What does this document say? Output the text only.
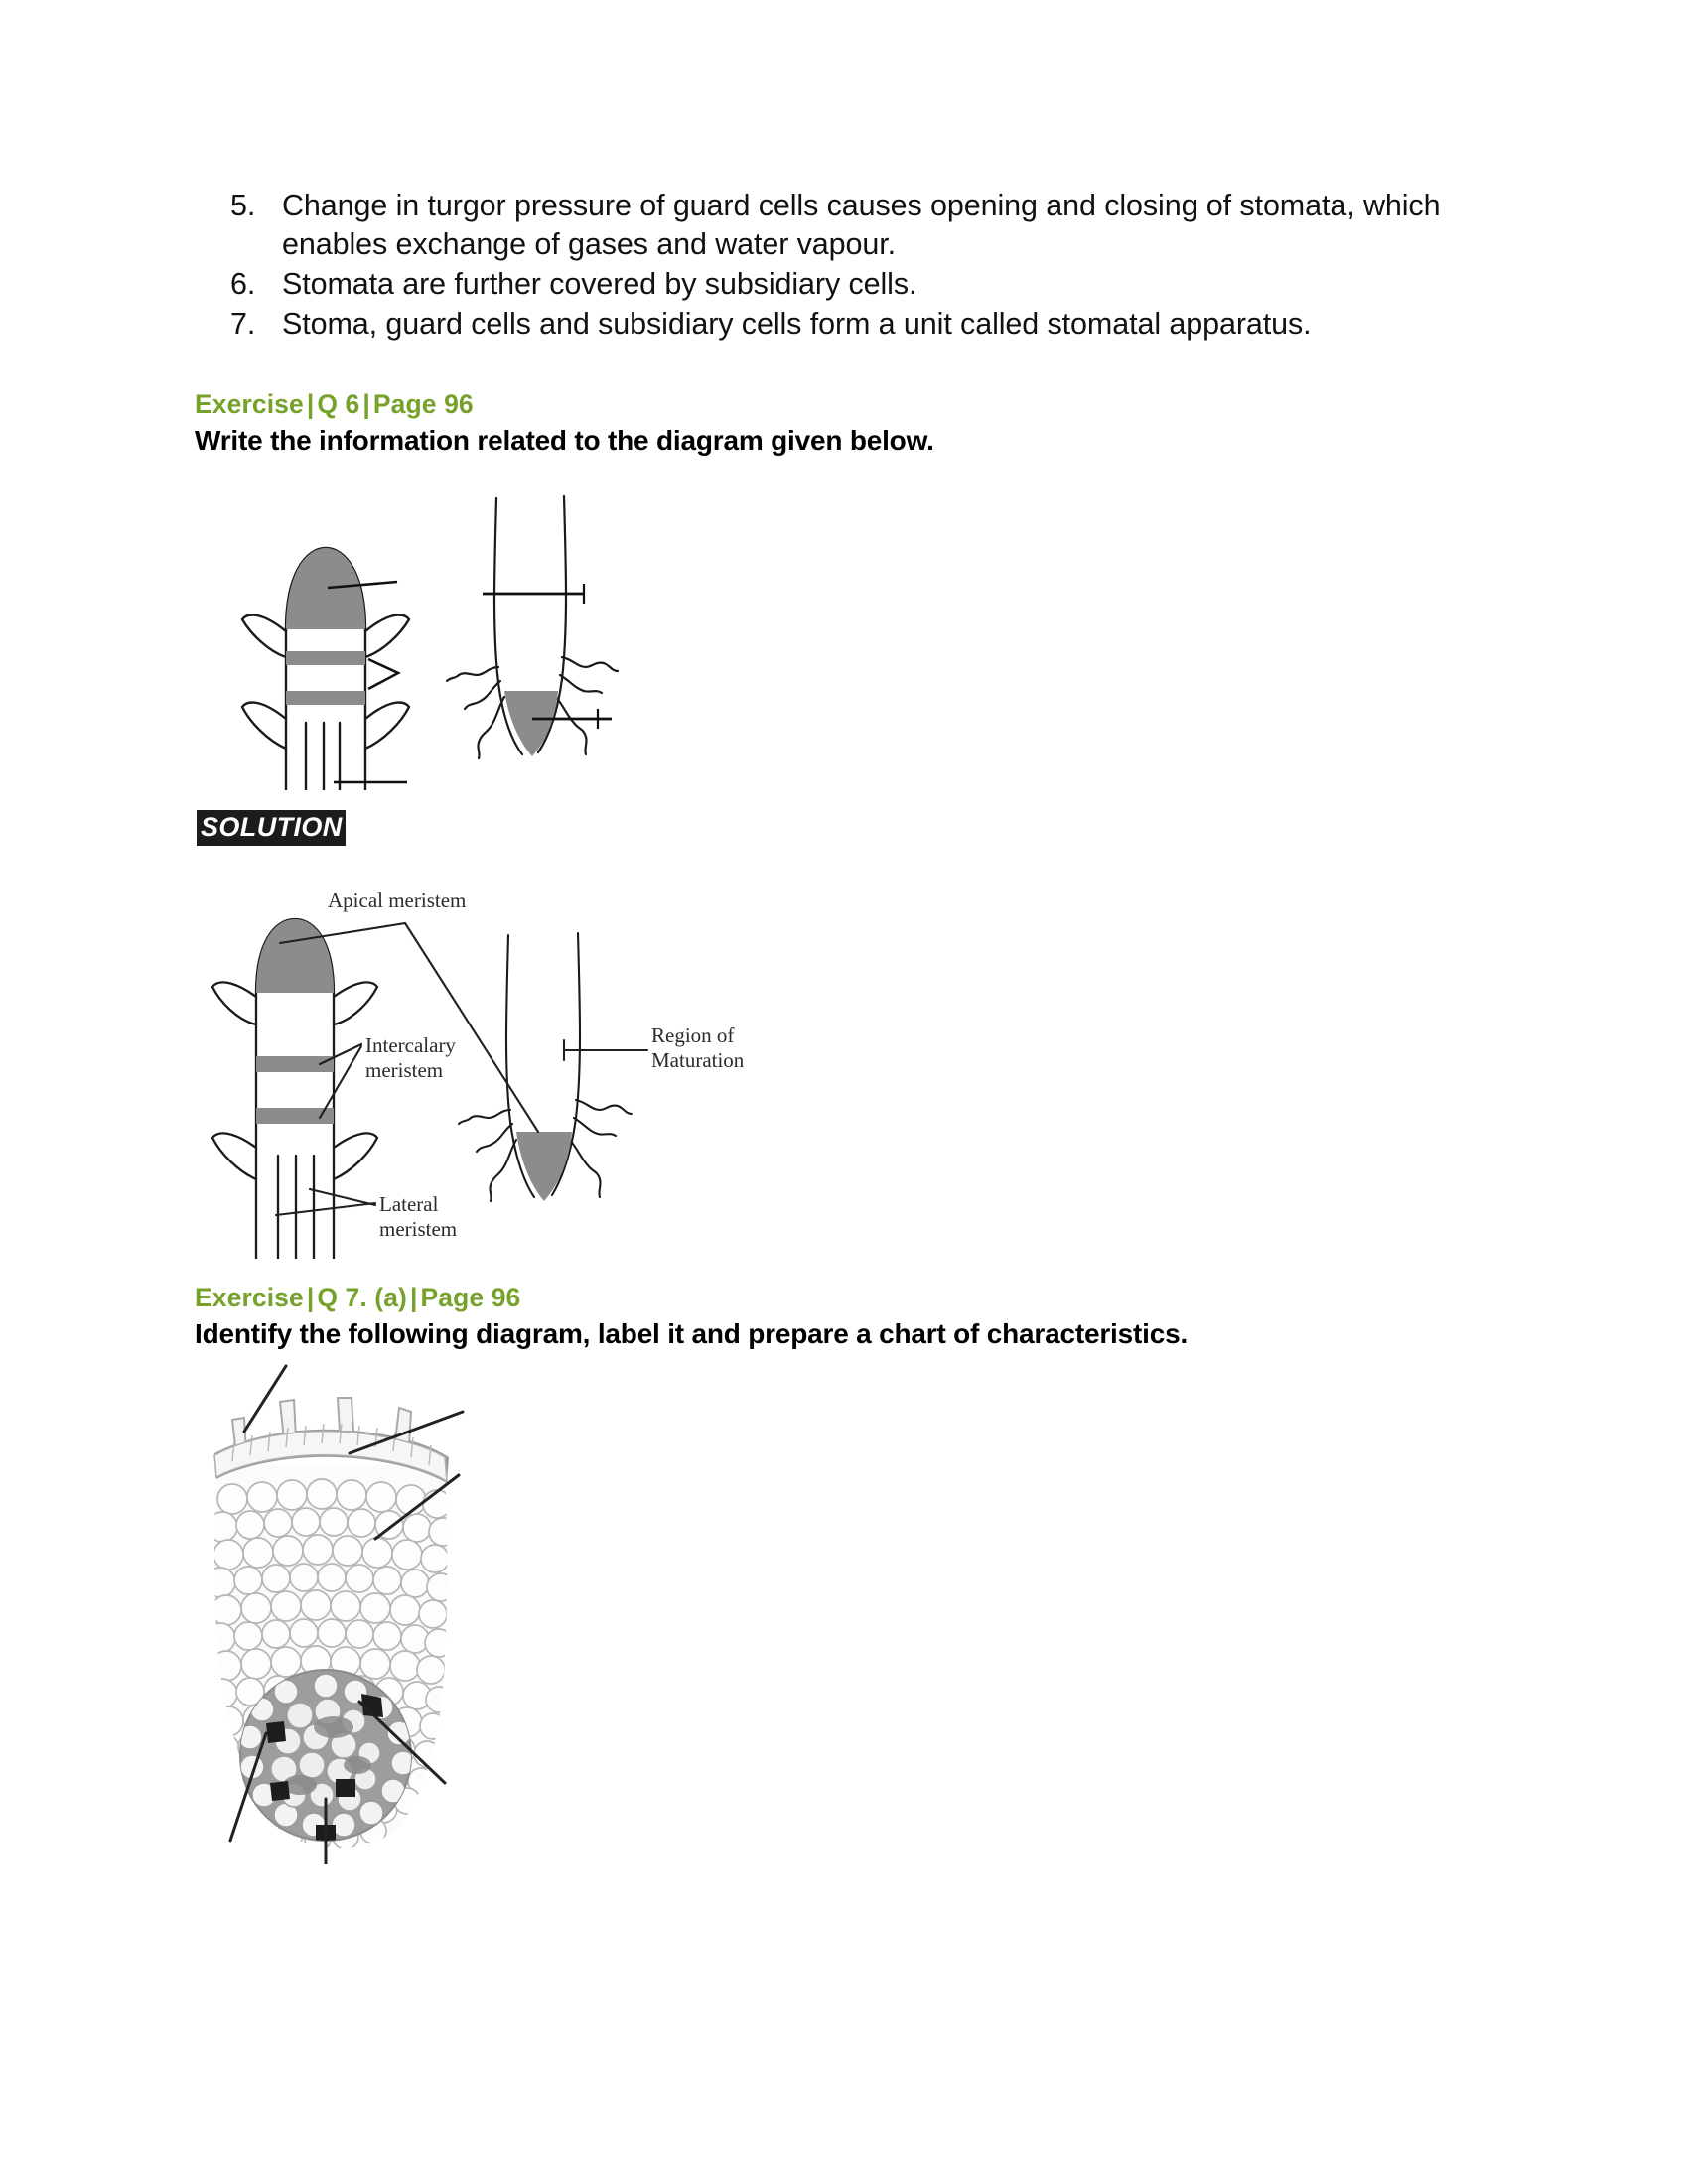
5. Change in turgor pressure of guard cells causes opening and closing of stomata, which enables exchange of gases and water vapour.
6. Stomata are further covered by subsidiary cells.
7. Stoma, guard cells and subsidiary cells form a unit called stomatal apparatus.
Exercise | Q 6 | Page 96
Write the information related to the diagram given below.
SOLUTION
Apical meristem
Intercalary
meristem
Lateral
meristem
Region of
Maturation
Exercise | Q 7. (a) | Page 96
Identify the following diagram, label it and prepare a chart of characteristics.
